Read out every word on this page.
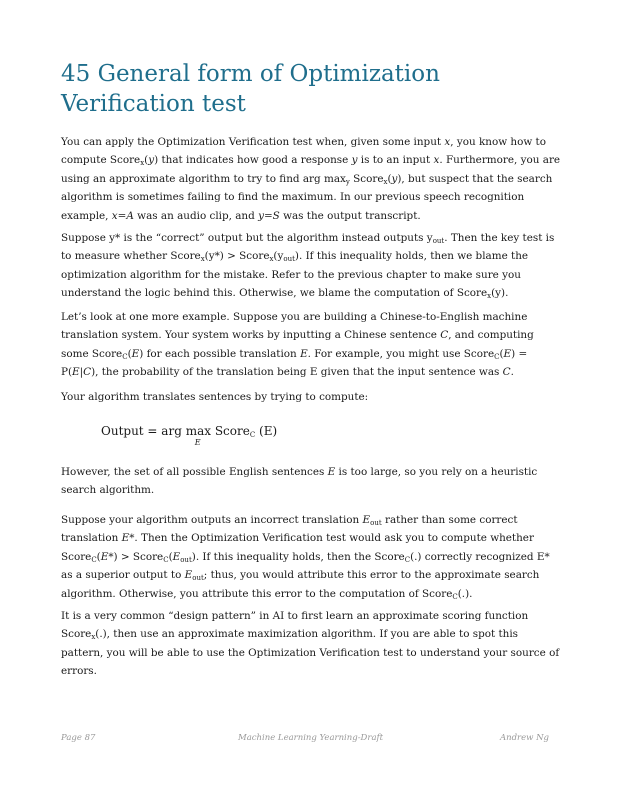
45 General form of Optimization Verification test

You can apply the Optimization Verification test when, given some input x, you know how to compute Score$_x$(y) that indicates how good a response y is to an input x. Furthermore, you are using an approximate algorithm to try to find arg $\max_y$ Score$_x$(y), but suspect that the search algorithm is sometimes failing to find the maximum. In our previous speech recognition example, x=A was an audio clip, and y=S was the output transcript.

Suppose y* is the “correct” output but the algorithm instead outputs $y_{out}$. Then the key test is to measure whether Score$_x$(y*) > $Score_x(y_{out})$. If this inequality holds, then we blame the optimization algorithm for the mistake. Refer to the previous chapter to make sure you understand the logic behind this. Otherwise, we blame the computation of Score$_x$(y).

Let’s look at one more example. Suppose you are building a Chinese-to-English machine translation system. Your system works by inputting a Chinese sentence C, and computing some Score$_C$(E) for each possible translation E. For example, you might use Score$_C$(E) = P(E|C), the probability of the translation being E given that the input sentence was C.

Your algorithm translates sentences by trying to compute:

However, the set of all possible English sentences E is too large, so you rely on a heuristic search algorithm.

Suppose your algorithm outputs an incorrect translation $E_{out}$ rather than some correct translation E*. Then the Optimization Verification test would ask you to compute whether Score$_C$(E*) > $Score_C(E_{out})$. If this inequality holds, then the Score$_C$(.) correctly recognized E* as a superior output to $E_{out}$; thus, you would attribute this error to the approximate search algorithm. Otherwise, you attribute this error to the computation of Score$_C$(.).

It is a very common “design pattern” in AI to first learn an approximate scoring function Score$_x$(.), then use an approximate maximization algorithm. If you are able to spot this pattern, you will be able to use the Optimization Verification test to understand your source of errors.

Output = arg max
E
Score$_C$ (E)
Page 87	Machine Learning Yearning-Draft	Andrew Ng
